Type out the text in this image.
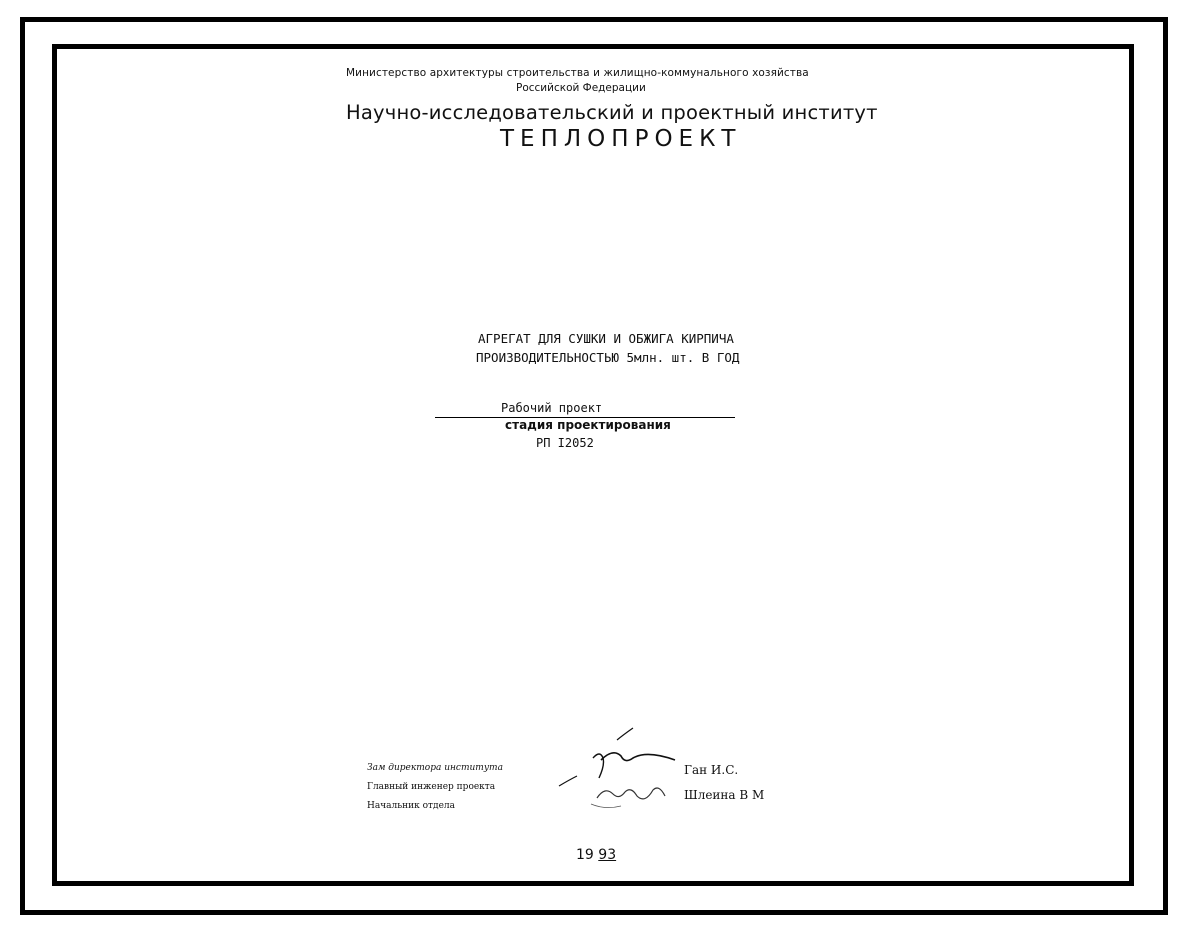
Министерство архитектуры строительства и жилищно-коммунального хозяйства
Российской Федерации
Научно-исследовательский и проектный институт
ТЕПЛОПРОЕКТ
АГРЕГАТ ДЛЯ СУШКИ И ОБЖИГА КИРПИЧА
ПРОИЗВОДИТЕЛЬНОСТЬЮ 5млн. шт. В ГОД
Рабочий проект
стадия проектирования
РП I2052
Зам директора института
Главный инженер проекта
Начальник отдела
Ган И.С.
Шлеина В М
19 93
